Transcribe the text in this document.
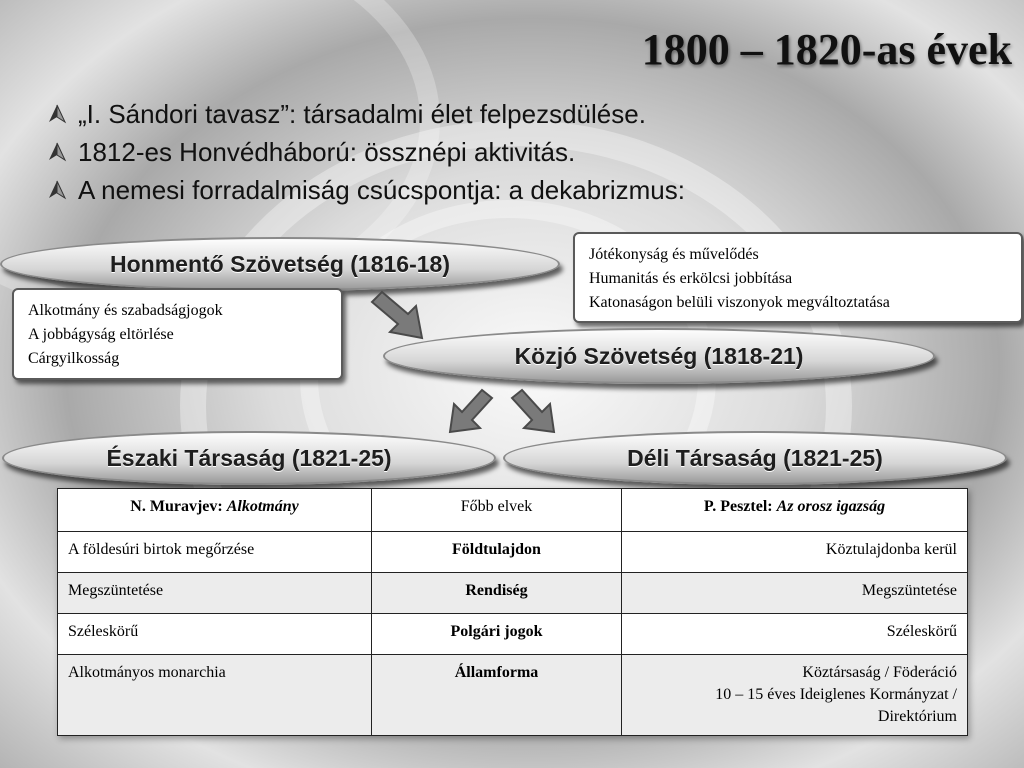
1800 – 1820-as évek
„I. Sándori tavasz”: társadalmi élet felpezsdülése.
1812-es Honvédháború: össznépi aktivitás.
A nemesi forradalmiság csúcspontja: a dekabrizmus:
Honmentő Szövetség (1816-18)	Jótékonyság és művelődés
Humanitás és erkölcsi jobbítása
Katonaságon belüli viszonyok megváltoztatása
Alkotmány és szabadságjogok
A jobbágyság eltörlése
Cárgyilkosság	Közjó Szövetség (1818-21)
Északi Társaság (1821-25)	Déli Társaság (1821-25)
N. Muravjev: Alkotmány	Főbb elvek	P. Pesztel: Az orosz igazság
A földesúri birtok megőrzése	Földtulajdon	Köztulajdonba kerül
Megszüntetése	Rendiség	Megszüntetése
Széleskörű	Polgári jogok	Széleskörű
Alkotmányos monarchia	Államforma	Köztársaság / Föderáció
10 – 15 éves Ideiglenes Kormányzat /
Direktórium
